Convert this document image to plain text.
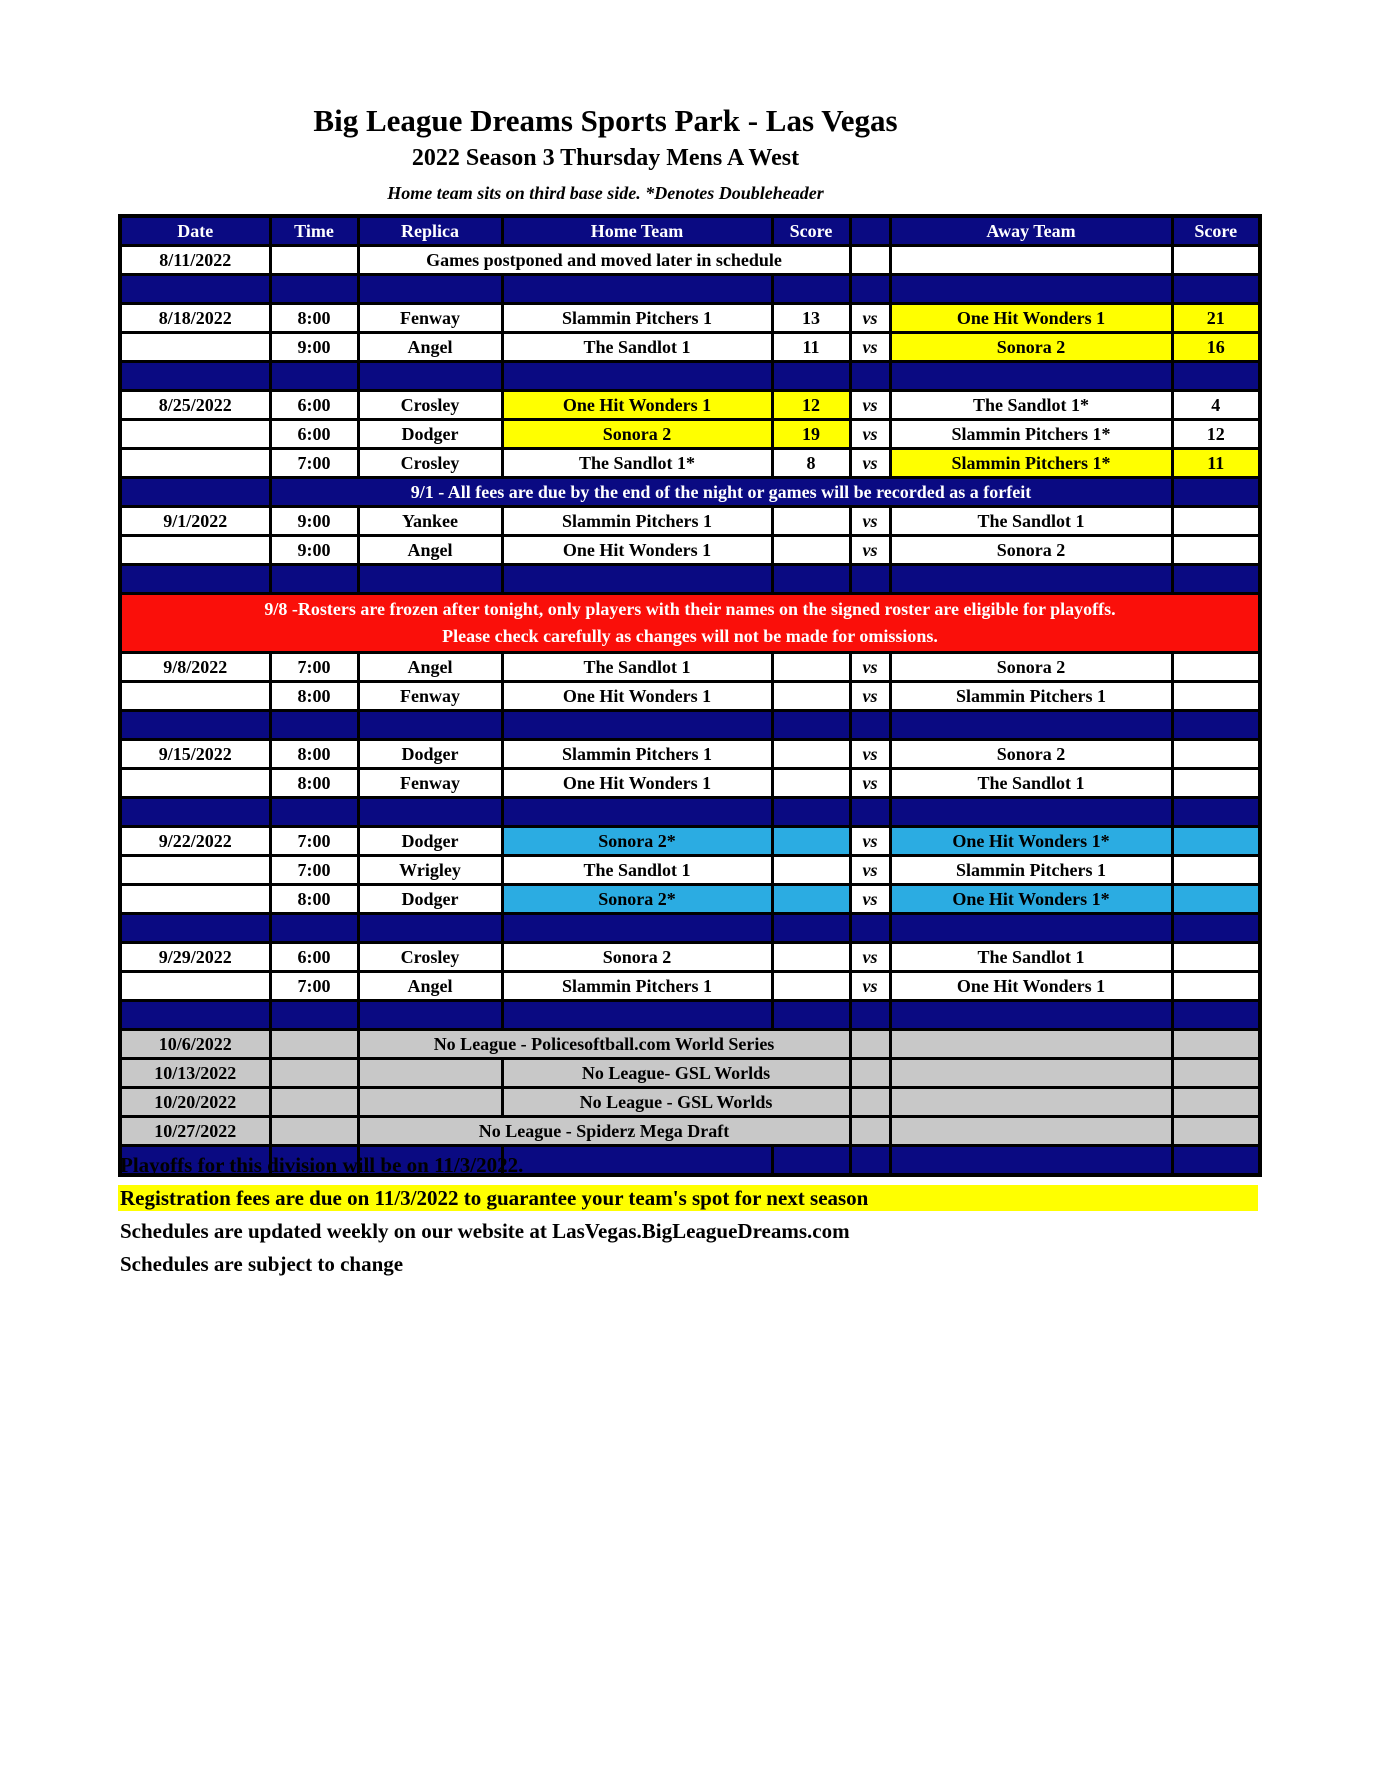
Big League Dreams Sports Park - Las Vegas
2022 Season 3 Thursday Mens A West
Home team sits on third base side. *Denotes Doubleheader
Date	Time	Replica	Home Team	Score		Away Team	Score
8/11/2022		Games postponed and moved later in schedule					

8/18/2022	8:00	Fenway	Slammin Pitchers 1	13	vs	One Hit Wonders 1	21
	9:00	Angel	The Sandlot 1	11	vs	Sonora 2	16

8/25/2022	6:00	Crosley	One Hit Wonders 1	12	vs	The Sandlot 1*	4
	6:00	Dodger	Sonora 2	19	vs	Slammin Pitchers 1*	12
	7:00	Crosley	The Sandlot 1*	8	vs	Slammin Pitchers 1*	11
	9/1 - All fees are due by the end of the night or games will be recorded as a forfeit						
9/1/2022	9:00	Yankee	Slammin Pitchers 1		vs	The Sandlot 1	
	9:00	Angel	One Hit Wonders 1		vs	Sonora 2	

9/8 -Rosters are frozen after tonight, only players with their names on the signed roster are eligible for playoffs.
Please check carefully as changes will not be made for omissions.							

9/8/2022	7:00	Angel	The Sandlot 1		vs	Sonora 2	
	8:00	Fenway	One Hit Wonders 1		vs	Slammin Pitchers 1	

9/15/2022	8:00	Dodger	Slammin Pitchers 1		vs	Sonora 2	
	8:00	Fenway	One Hit Wonders 1		vs	The Sandlot 1	

9/22/2022	7:00	Dodger	Sonora 2*		vs	One Hit Wonders 1*	
	7:00	Wrigley	The Sandlot 1		vs	Slammin Pitchers 1	
	8:00	Dodger	Sonora 2*		vs	One Hit Wonders 1*	

9/29/2022	6:00	Crosley	Sonora 2		vs	The Sandlot 1	
	7:00	Angel	Slammin Pitchers 1		vs	One Hit Wonders 1	

10/6/2022		No League - Policesoftball.com World Series					
10/13/2022			No League- GSL Worlds				
10/20/2022			No League - GSL Worlds				
10/27/2022		No League - Spiderz Mega Draft					

Playoffs for this division will be on 11/3/2022.
Registration fees are due on 11/3/2022 to guarantee your team's spot for next season
Schedules are updated weekly on our website at LasVegas.BigLeagueDreams.com
Schedules are subject to change
